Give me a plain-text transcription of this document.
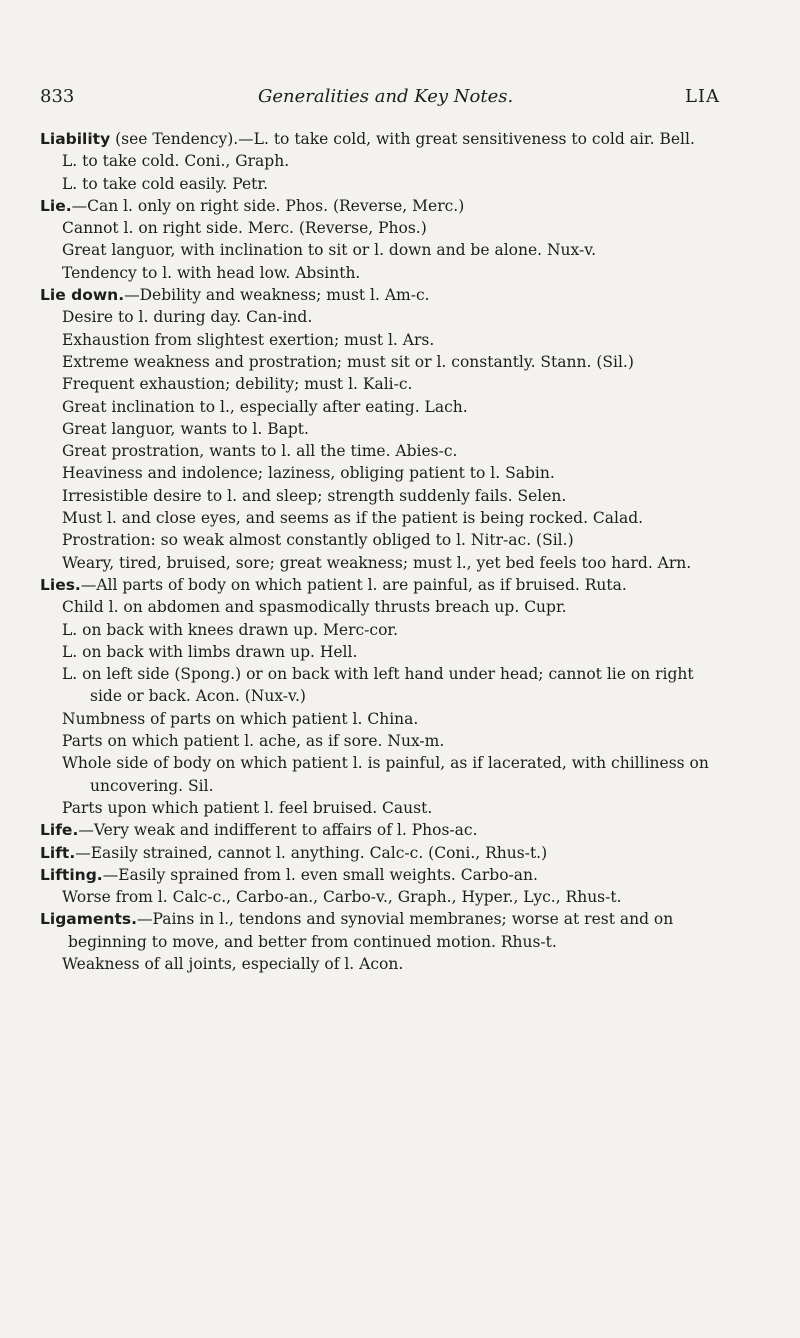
833	Generalities and Key Notes.	LIA

Liability (see Tendency).—L. to take cold, with great sensitiveness to cold air. Bell.

L. to take cold. Coni., Graph.

L. to take cold easily. Petr.

Lie.—Can l. only on right side. Phos. (Reverse, Merc.)

Cannot l. on right side. Merc. (Reverse, Phos.)

Great languor, with inclination to sit or l. down and be alone. Nux-v.

Tendency to l. with head low. Absinth.

Lie down.—Debility and weakness; must l. Am-c.

Desire to l. during day. Can-ind.

Exhaustion from slightest exertion; must l. Ars.

Extreme weakness and prostration; must sit or l. constantly. Stann. (Sil.)

Frequent exhaustion; debility; must l. Kali-c.

Great inclination to l., especially after eating. Lach.

Great languor, wants to l. Bapt.

Great prostration, wants to l. all the time. Abies-c.

Heaviness and indolence; laziness, obliging patient to l. Sabin.

Irresistible desire to l. and sleep; strength suddenly fails. Selen.

Must l. and close eyes, and seems as if the patient is being rocked. Calad.

Prostration: so weak almost constantly obliged to l. Nitr-ac. (Sil.)

Weary, tired, bruised, sore; great weakness; must l., yet bed feels too hard. Arn.

Lies.—All parts of body on which patient l. are painful, as if bruised. Ruta.

Child l. on abdomen and spasmodically thrusts breach up. Cupr.

L. on back with knees drawn up. Merc-cor.

L. on back with limbs drawn up. Hell.

L. on left side (Spong.) or on back with left hand under head; cannot lie on right side or back. Acon. (Nux-v.)

Numbness of parts on which patient l. China.

Parts on which patient l. ache, as if sore. Nux-m.

Whole side of body on which patient l. is painful, as if lacerated, with chilliness on uncovering. Sil.

Parts upon which patient l. feel bruised. Caust.

Life.—Very weak and indifferent to affairs of l. Phos-ac.

Lift.—Easily strained, cannot l. anything. Calc-c. (Coni., Rhus-t.)

Lifting.—Easily sprained from l. even small weights. Carbo-an.

Worse from l. Calc-c., Carbo-an., Carbo-v., Graph., Hyper., Lyc., Rhus-t.

Ligaments.—Pains in l., tendons and synovial membranes; worse at rest and on beginning to move, and better from continued motion. Rhus-t.

Weakness of all joints, especially of l. Acon.
